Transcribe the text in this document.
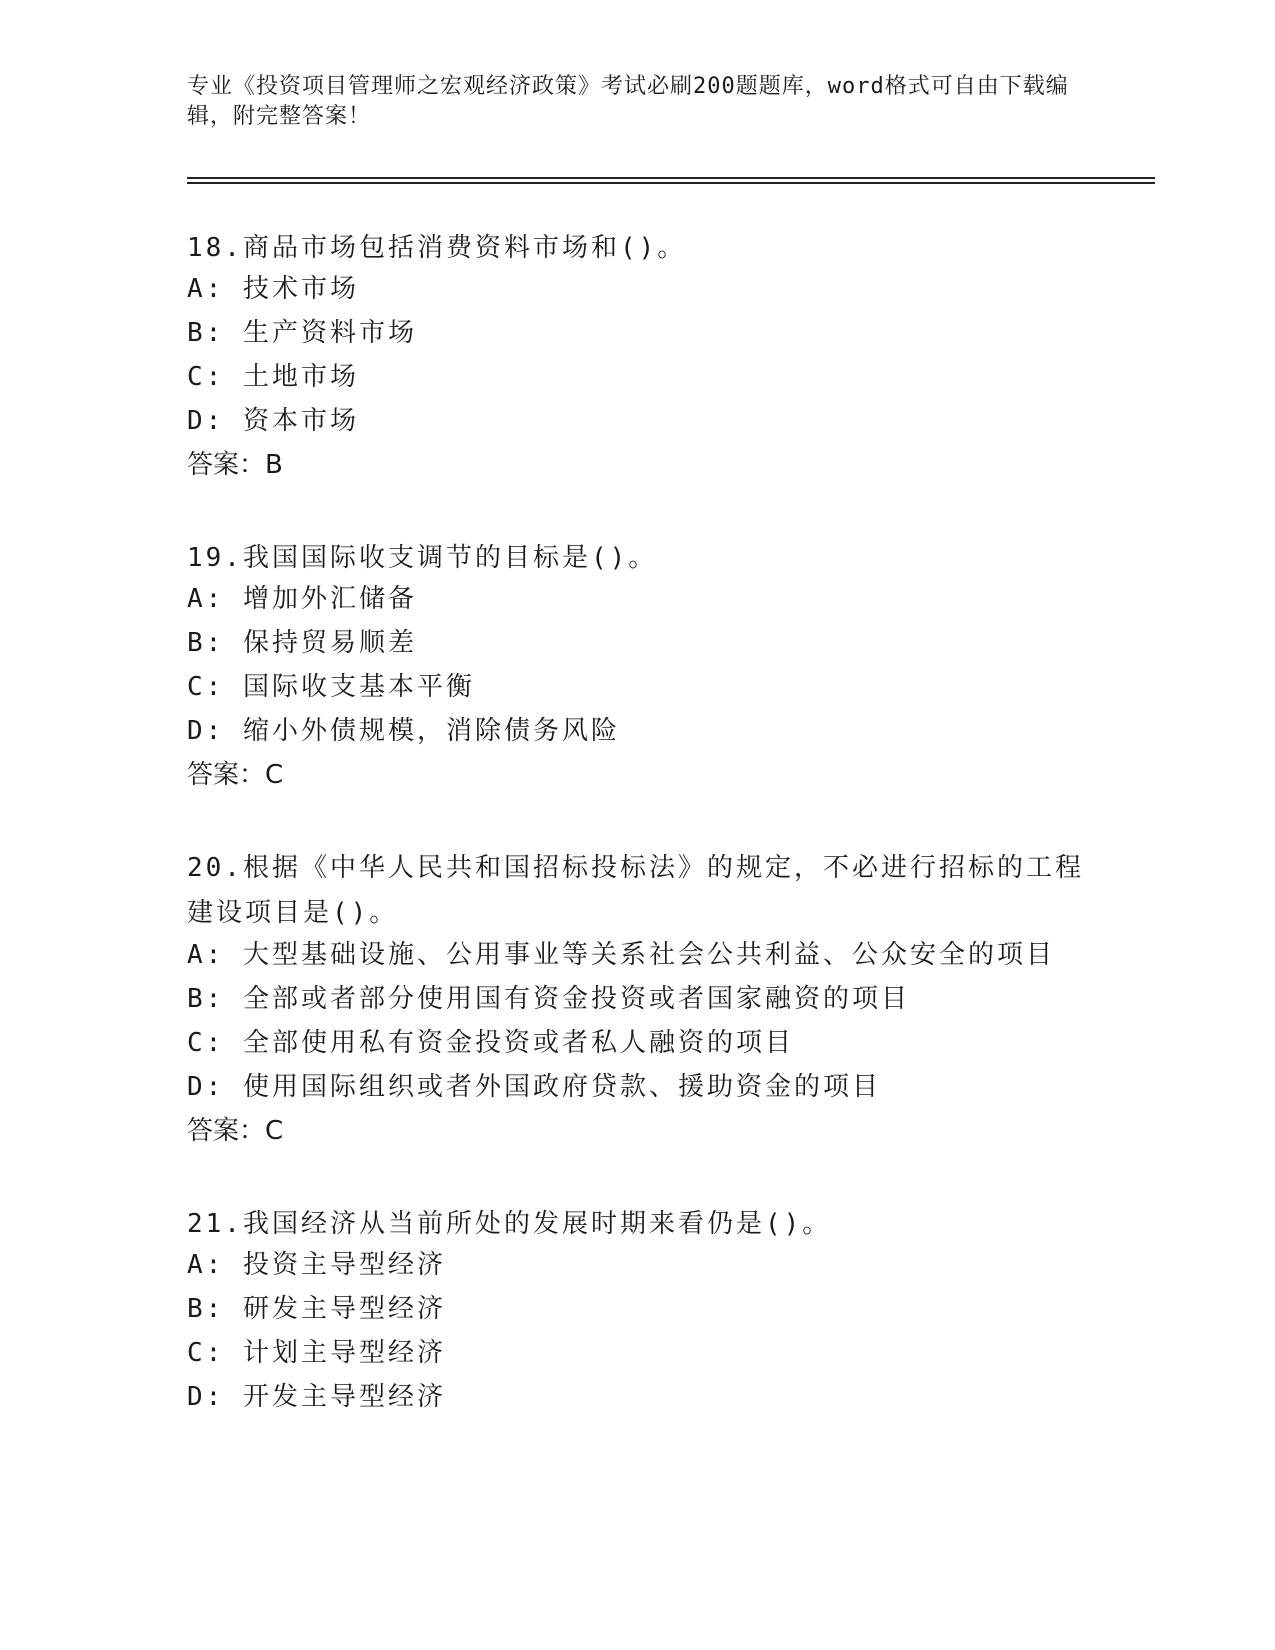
专业《投资项目管理师之宏观经济政策》考试必刷200题题库，word格式可自由下载编辑，附完整答案！
18.商品市场包括消费资料市场和()。
A: 技术市场
B: 生产资料市场
C: 土地市场
D: 资本市场
答案：B
19.我国国际收支调节的目标是()。
A: 增加外汇储备
B: 保持贸易顺差
C: 国际收支基本平衡
D: 缩小外债规模，消除债务风险
答案：C
20.根据《中华人民共和国招标投标法》的规定，不必进行招标的工程建设项目是()。
A: 大型基础设施、公用事业等关系社会公共利益、公众安全的项目
B: 全部或者部分使用国有资金投资或者国家融资的项目
C: 全部使用私有资金投资或者私人融资的项目
D: 使用国际组织或者外国政府贷款、援助资金的项目
答案：C
21.我国经济从当前所处的发展时期来看仍是()。
A: 投资主导型经济
B: 研发主导型经济
C: 计划主导型经济
D: 开发主导型经济
